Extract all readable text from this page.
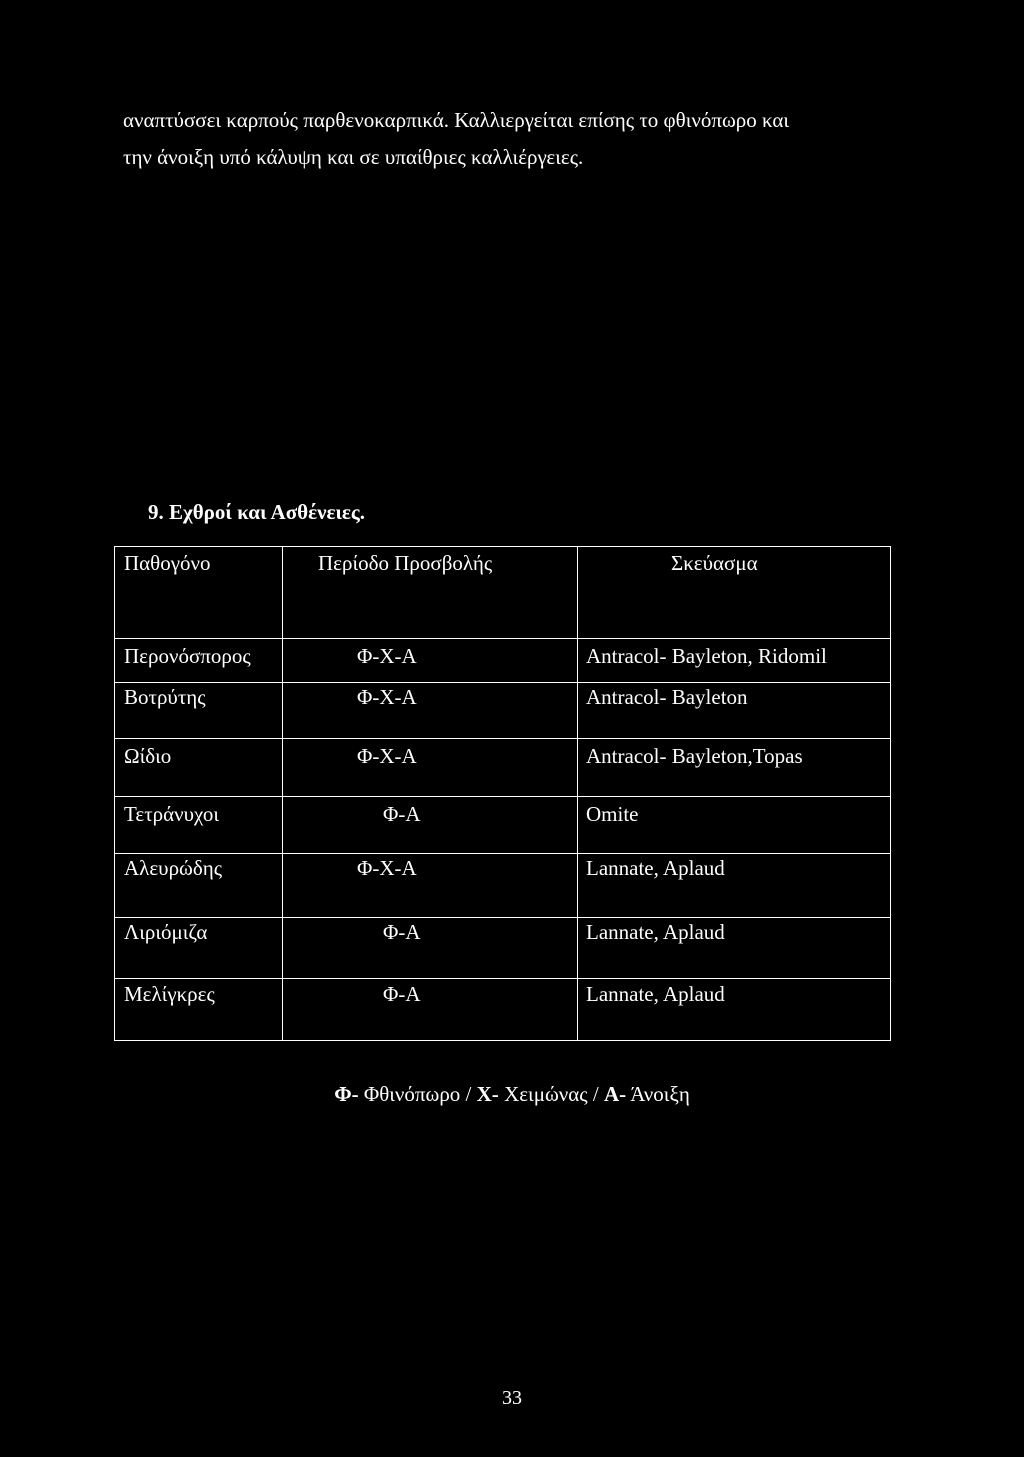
αναπτύσσει καρπούς παρθενοκαρπικά. Καλλιεργείται επίσης το φθινόπωρο και
την άνοιξη υπό κάλυψη και σε υπαίθριες καλλιέργειες.
9. Εχθροί και Ασθένειες.
Παθογόνο	Περίοδο Προσβολής	Σκεύασμα
Περονόσπορος	Φ-Χ-Α	Antracol- Bayleton, Ridomil
Βοτρύτης	Φ-Χ-Α	Antracol- Bayleton
Ωίδιο	Φ-Χ-Α	Antracol- Bayleton,Topas
Τετράνυχοι	Φ-Α	Omite
Αλευρώδης	Φ-Χ-Α	Lannate, Aplaud
Λιριόμιζα	Φ-Α	Lannate, Aplaud
Μελίγκρες	Φ-Α	Lannate, Aplaud
Φ- Φθινόπωρο / Χ- Χειμώνας / Α- Άνοιξη
33
